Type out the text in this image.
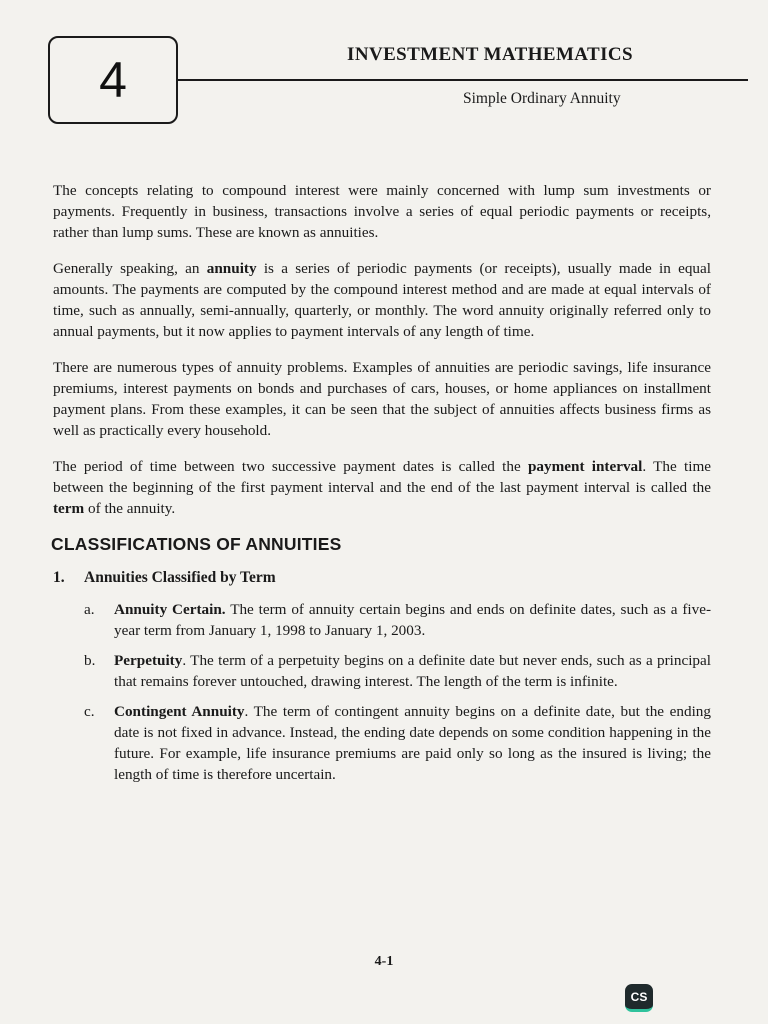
4	INVESTMENT MATHEMATICS
Simple Ordinary Annuity

The concepts relating to compound interest were mainly concerned with lump sum investments or payments. Frequently in business, transactions involve a series of equal periodic payments or receipts, rather than lump sums. These are known as annuities.

Generally speaking, an annuity is a series of periodic payments (or receipts), usually made in equal amounts. The payments are computed by the compound interest method and are made at equal intervals of time, such as annually, semi-annually, quarterly, or monthly. The word annuity originally referred only to annual payments, but it now applies to payment intervals of any length of time.

There are numerous types of annuity problems. Examples of annuities are periodic savings, life insurance premiums, interest payments on bonds and purchases of cars, houses, or home appliances on installment payment plans. From these examples, it can be seen that the subject of annuities affects business firms as well as practically every household.

The period of time between two successive payment dates is called the payment interval. The time between the beginning of the first payment interval and the end of the last payment interval is called the term of the annuity.

CLASSIFICATIONS OF ANNUITIES
1.	Annuities Classified by Term
a.	Annuity Certain. The term of annuity certain begins and ends on definite dates, such as a five-year term from January 1, 1998 to January 1, 2003.
b.	Perpetuity. The term of a perpetuity begins on a definite date but never ends, such as a principal that remains forever untouched, drawing interest. The length of the term is infinite.
c.	Contingent Annuity. The term of contingent annuity begins on a definite date, but the ending date is not fixed in advance. Instead, the ending date depends on some condition happening in the future. For example, life insurance premiums are paid only so long as the insured is living; the length of time is therefore uncertain.
4-1
CS
